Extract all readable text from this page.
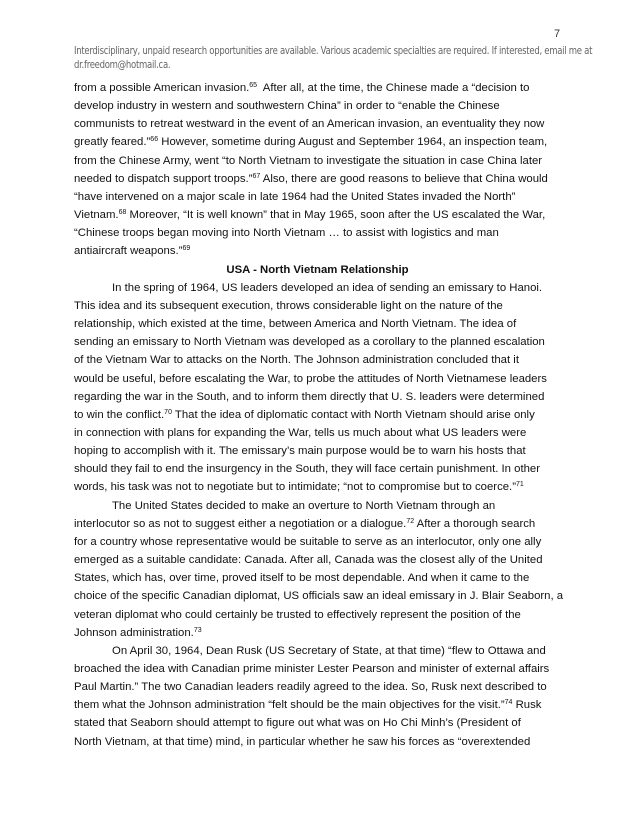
7
Interdisciplinary, unpaid research opportunities are available. Various academic specialties are required. If interested, email me at
dr.freedom@hotmail.ca.

from a possible American invasion.$^{65}$ After all, at the time, the Chinese made a “decision to
develop industry in western and southwestern China” in order to “enable the Chinese
communists to retreat westward in the event of an American invasion, an eventuality they now
greatly feared.”$^{66}$ However, sometime during August and September 1964, an inspection team,
from the Chinese Army, went “to North Vietnam to investigate the situation in case China later
needed to dispatch support troops.”$^{67}$ Also, there are good reasons to believe that China would
“have intervened on a major scale in late 1964 had the United States invaded the North”
Vietnam.$^{68}$ Moreover, “It is well known” that in May 1965, soon after the US escalated the War,
“Chinese troops began moving into North Vietnam … to assist with logistics and man
antiaircraft weapons.”$^{69}$

USA - North Vietnam Relationship

In the spring of 1964, US leaders developed an idea of sending an emissary to Hanoi.
This idea and its subsequent execution, throws considerable light on the nature of the
relationship, which existed at the time, between America and North Vietnam. The idea of
sending an emissary to North Vietnam was developed as a corollary to the planned escalation
of the Vietnam War to attacks on the North. The Johnson administration concluded that it
would be useful, before escalating the War, to probe the attitudes of North Vietnamese leaders
regarding the war in the South, and to inform them directly that U. S. leaders were determined
to win the conflict.$^{70}$ That the idea of diplomatic contact with North Vietnam should arise only
in connection with plans for expanding the War, tells us much about what US leaders were
hoping to accomplish with it. The emissary’s main purpose would be to warn his hosts that
should they fail to end the insurgency in the South, they will face certain punishment. In other
words, his task was not to negotiate but to intimidate; “not to compromise but to coerce.”$^{71}$

The United States decided to make an overture to North Vietnam through an
interlocutor so as not to suggest either a negotiation or a dialogue.$^{72}$ After a thorough search
for a country whose representative would be suitable to serve as an interlocutor, only one ally
emerged as a suitable candidate: Canada. After all, Canada was the closest ally of the United
States, which has, over time, proved itself to be most dependable. And when it came to the
choice of the specific Canadian diplomat, US officials saw an ideal emissary in J. Blair Seaborn, a
veteran diplomat who could certainly be trusted to effectively represent the position of the
Johnson administration.$^{73}$

On April 30, 1964, Dean Rusk (US Secretary of State, at that time) “flew to Ottawa and
broached the idea with Canadian prime minister Lester Pearson and minister of external affairs
Paul Martin.” The two Canadian leaders readily agreed to the idea. So, Rusk next described to
them what the Johnson administration “felt should be the main objectives for the visit.”$^{74}$ Rusk
stated that Seaborn should attempt to figure out what was on Ho Chi Minh’s (President of
North Vietnam, at that time) mind, in particular whether he saw his forces as “overextended
